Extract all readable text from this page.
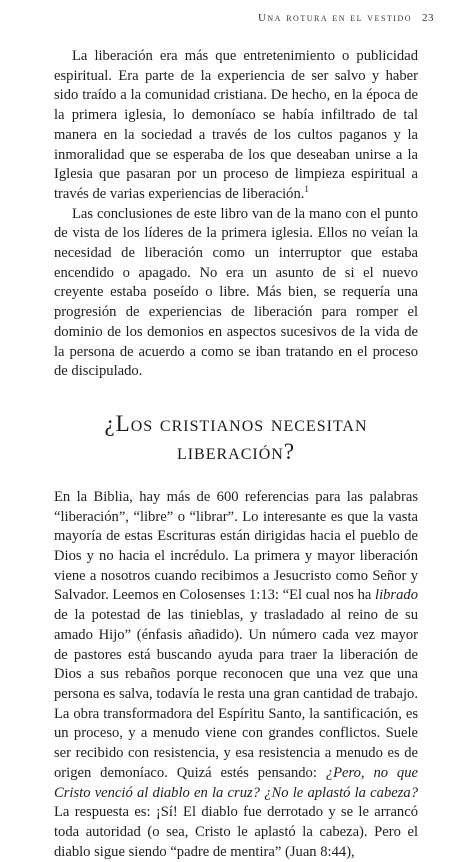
Una rotura en el vestido 23

La liberación era más que entretenimiento o publicidad espiritual. Era parte de la experiencia de ser salvo y haber sido traído a la comunidad cristiana. De hecho, en la época de la primera iglesia, lo demoníaco se había infiltrado de tal manera en la sociedad a través de los cultos paganos y la inmoralidad que se esperaba de los que deseaban unirse a la Iglesia que pasaran por un proceso de limpieza espiritual a través de varias experiencias de liberación.$^1$

Las conclusiones de este libro van de la mano con el punto de vista de los líderes de la primera iglesia. Ellos no veían la necesidad de liberación como un interruptor que estaba encendido o apagado. No era un asunto de si el nuevo creyente estaba poseído o libre. Más bien, se requería una progresión de experiencias de liberación para romper el dominio de los demonios en aspectos sucesivos de la vida de la persona de acuerdo a como se iban tratando en el proceso de discipulado.

¿Los cristianos necesitan
liberación?

En la Biblia, hay más de 600 referencias para las palabras “liberación”, “libre” o “librar”. Lo interesante es que la vasta mayoría de estas Escrituras están dirigidas hacia el pueblo de Dios y no hacia el incrédulo. La primera y mayor liberación viene a nosotros cuando recibimos a Jesucristo como Señor y Salvador. Leemos en Colosenses 1:13: “El cual nos ha librado de la potestad de las tinieblas, y trasladado al reino de su amado Hijo” (énfasis añadido). Un número cada vez mayor de pastores está buscando ayuda para traer la liberación de Dios a sus rebaños porque reconocen que una vez que una persona es salva, todavía le resta una gran cantidad de trabajo. La obra transformadora del Espíritu Santo, la santificación, es un proceso, y a menudo viene con grandes conflictos. Suele ser recibido con resistencia, y esa resistencia a menudo es de origen demoníaco. Quizá estés pensando: ¿Pero, no que Cristo venció al diablo en la cruz? ¿No le aplastó la cabeza? La respuesta es: ¡Sí! El diablo fue derrotado y se le arrancó toda autoridad (o sea, Cristo le aplastó la cabeza). Pero el diablo sigue siendo “padre de mentira” (Juan 8:44),
